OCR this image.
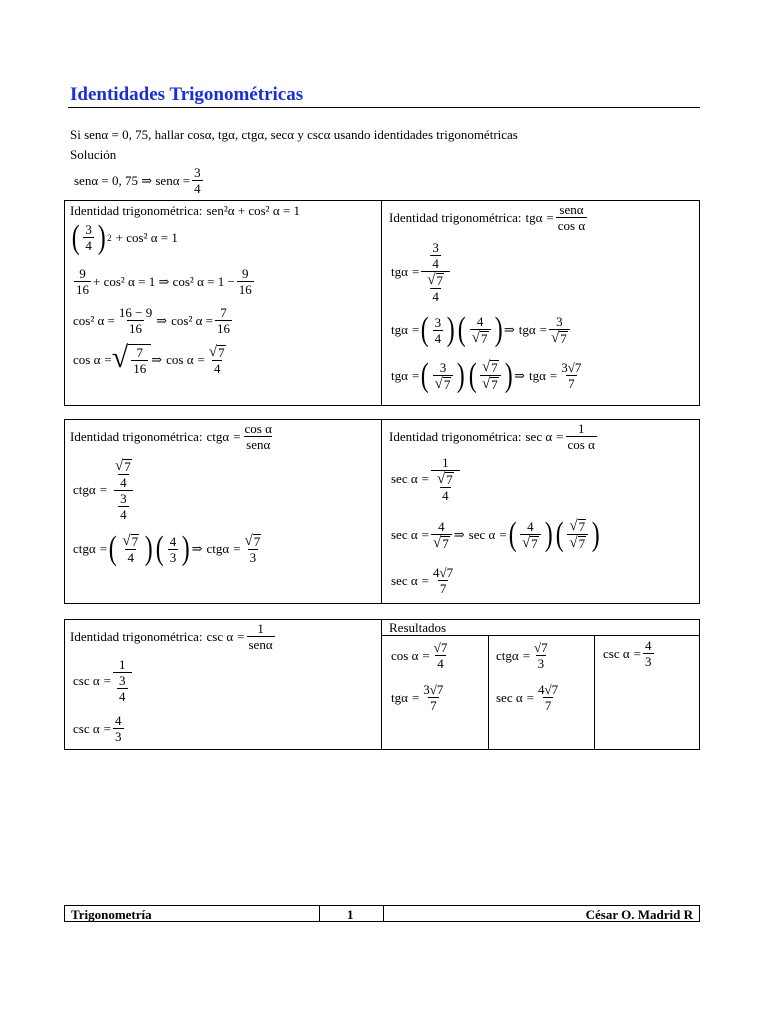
Identidades Trigonométricas
Si senα = 0, 75, hallar cosα, tgα, ctgα, secα y cscα usando identidades trigonométricas
Solución
senα = 0, 75 ⇒ $sen\alpha = \frac{3}{4}$
Identidad trigonométrica: sen²α + cos² α = 1
( $\frac{3}{4}$ ) 2 + cos² α = 1
$\frac{9}{16} + \cos^2$ α = 1 ⇒ cos² $\alpha = 1 - \frac{9}{16}$
cos² $\alpha = \frac{16 - 9}{16}$ ⇒ cos² $\alpha = \frac{7}{16}$
cos α = √ $\frac{7}{16}$ ⇒ $\cos \alpha = \frac{√ 7}{4}$
Identidad trigonométrica: $tg\alpha = \frac{\text{senα}}{\text{cos α}}$
$tg\alpha = \frac{\frac{3}{4}}{\frac{√ 7}{4}}$
tgα = ( $\frac{3}{4}$ ) ( $\frac{4}{√ 7}$ ) ⇒ $tg\alpha = \frac{3}{√ 7}$
tgα = ( $\frac{3}{√ 7}$ ) ( $\frac{√ 7}{√ 7}$ ) ⇒ $tg\alpha = \frac{3√7}{7}$
Identidad trigonométrica: $ctg\alpha = \frac{\text{cos α}}{\text{senα}}$
$ctg\alpha = \frac{\frac{√ 7}{4}}{\frac{3}{4}}$
ctgα = ( $\frac{√ 7}{4}$ ) ( $\frac{4}{3}$ ) ⇒ $ctg\alpha = \frac{√ 7}{3}$
Identidad trigonométrica: $\sec \alpha = \frac{1}{\text{cos α}}$
$\sec \alpha = \frac{1}{\frac{√ 7}{4}}$
$\sec \alpha = \frac{4}{√ 7}$ ⇒ sec α = ( $\frac{4}{√ 7}$ ) ( $\frac{√ 7}{√ 7}$ )
$\sec \alpha = \frac{4√7}{7}$
Identidad trigonométrica: $\csc \alpha = \frac{1}{\text{senα}}$
$\csc \alpha = \frac{1}{\frac{3}{4}}$
$\csc \alpha = \frac{4}{3}$
Resultados
$\cos \alpha = \frac{√7}{4}$	$ctg\alpha = \frac{√7}{3}$	$\csc \alpha = \frac{4}{3}$
$tg\alpha = \frac{3√7}{7}$	$\sec \alpha = \frac{4√7}{7}$
Trigonometría	1	César O. Madrid R
